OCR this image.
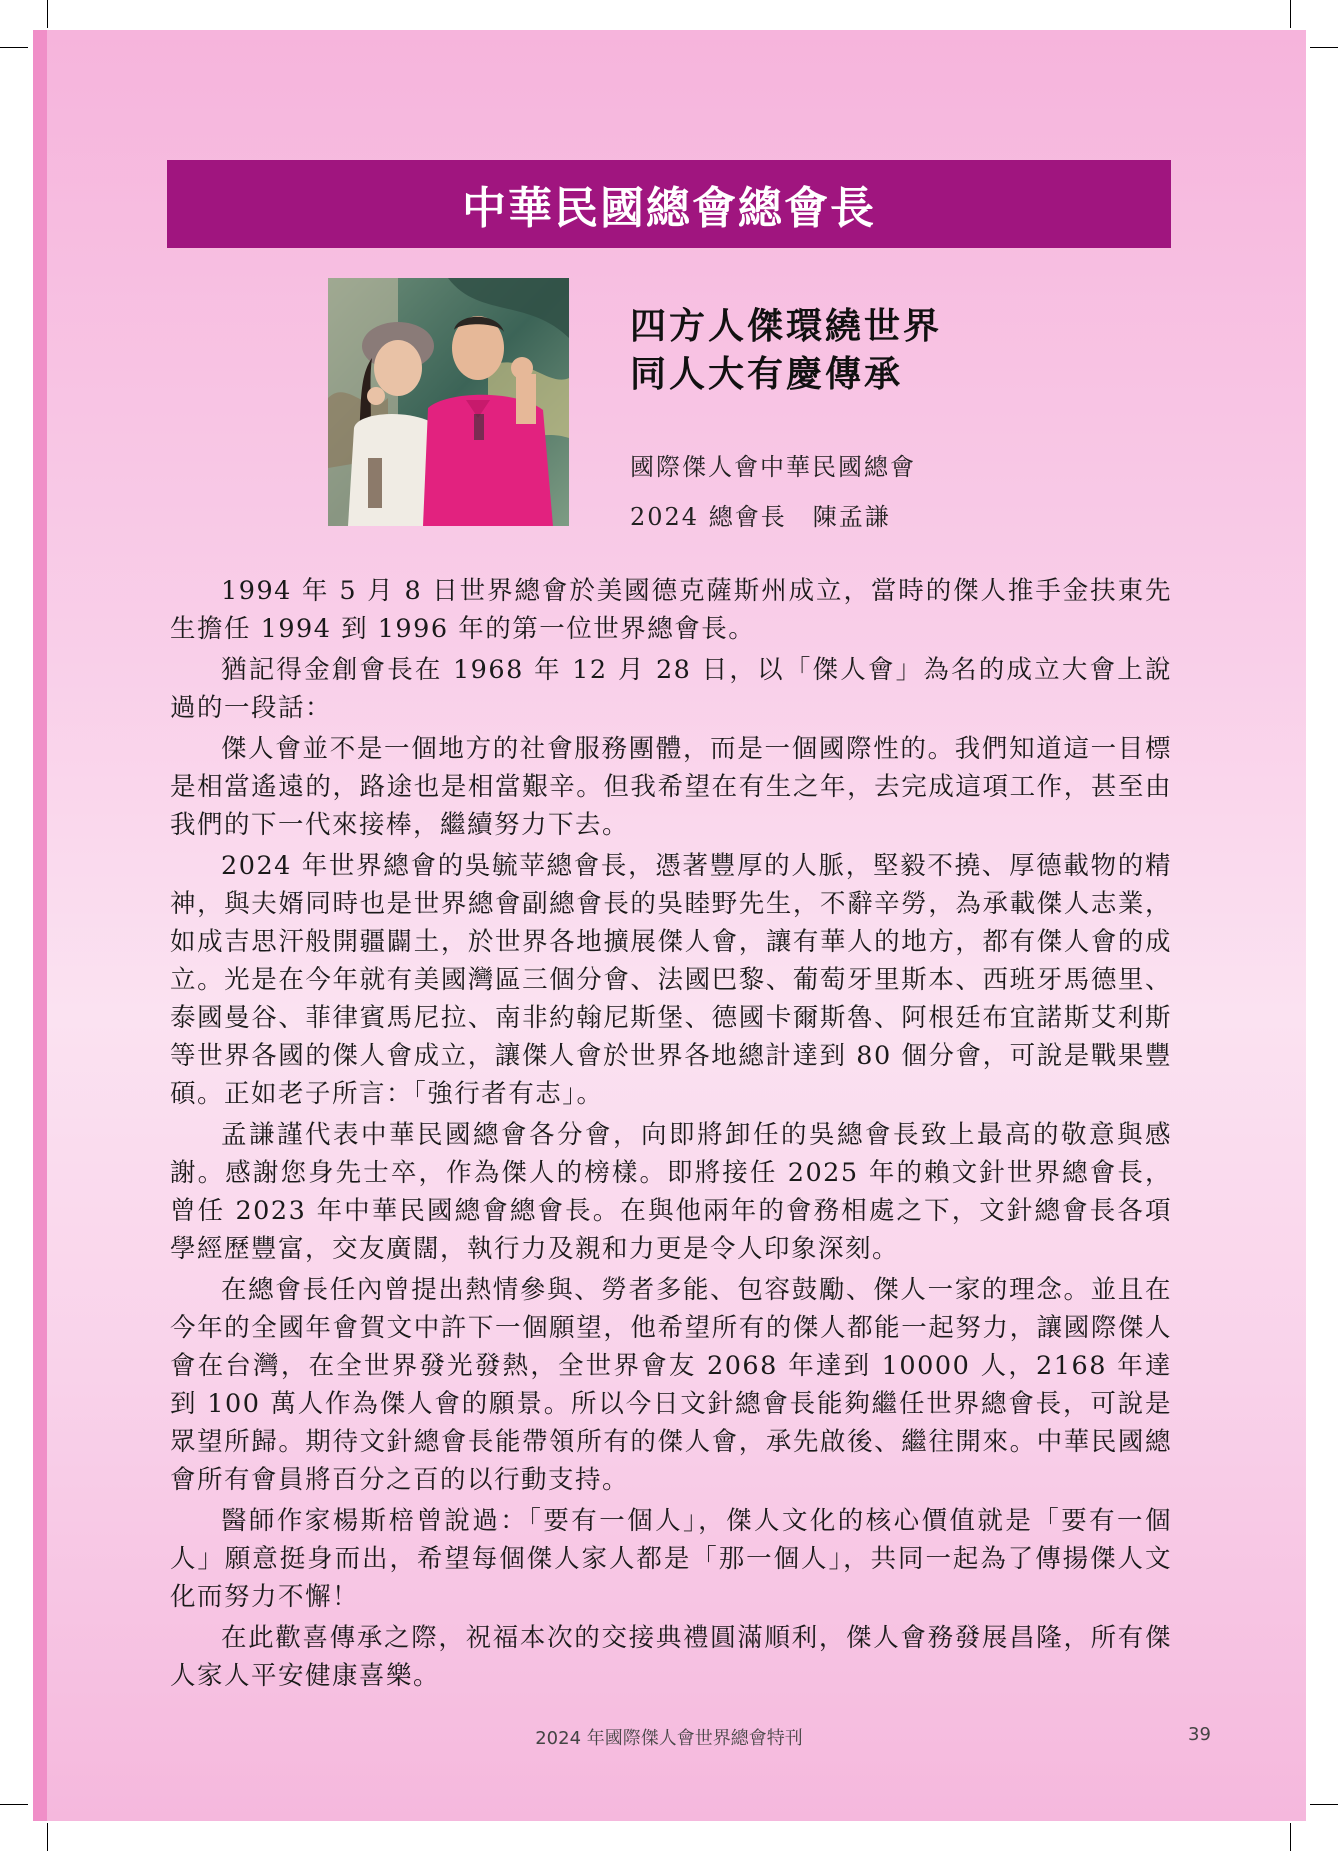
中華民國總會總會長
四方人傑環繞世界
同人大有慶傳承
國際傑人會中華民國總會
2024 總會長　陳孟謙

1994 年 5 月 8 日世界總會於美國德克薩斯州成立，當時的傑人推手金扶東先生擔任 1994 到 1996 年的第一位世界總會長。

猶記得金創會長在 1968 年 12 月 28 日，以「傑人會」為名的成立大會上說過的一段話：

傑人會並不是一個地方的社會服務團體，而是一個國際性的。我們知道這一目標是相當遙遠的，路途也是相當艱辛。但我希望在有生之年，去完成這項工作，甚至由我們的下一代來接棒，繼續努力下去。

2024 年世界總會的吳毓苹總會長，憑著豐厚的人脈，堅毅不撓、厚德載物的精神，與夫婿同時也是世界總會副總會長的吳睦野先生，不辭辛勞，為承載傑人志業，如成吉思汗般開疆闢土，於世界各地擴展傑人會，讓有華人的地方，都有傑人會的成立。光是在今年就有美國灣區三個分會、法國巴黎、葡萄牙里斯本、西班牙馬德里、泰國曼谷、菲律賓馬尼拉、南非約翰尼斯堡、德國卡爾斯魯、阿根廷布宜諾斯艾利斯等世界各國的傑人會成立，讓傑人會於世界各地總計達到 80 個分會，可說是戰果豐碩。正如老子所言：「強行者有志」。

孟謙謹代表中華民國總會各分會，向即將卸任的吳總會長致上最高的敬意與感謝。感謝您身先士卒，作為傑人的榜樣。即將接任 2025 年的賴文針世界總會長，曾任 2023 年中華民國總會總會長。在與他兩年的會務相處之下，文針總會長各項學經歷豐富，交友廣闊，執行力及親和力更是令人印象深刻。

在總會長任內曾提出熱情參與、勞者多能、包容鼓勵、傑人一家的理念。並且在今年的全國年會賀文中許下一個願望，他希望所有的傑人都能一起努力，讓國際傑人會在台灣，在全世界發光發熱，全世界會友 2068 年達到 10000 人，2168 年達到 100 萬人作為傑人會的願景。所以今日文針總會長能夠繼任世界總會長，可說是眾望所歸。期待文針總會長能帶領所有的傑人會，承先啟後、繼往開來。中華民國總會所有會員將百分之百的以行動支持。

醫師作家楊斯棓曾說過：「要有一個人」，傑人文化的核心價值就是「要有一個人」願意挺身而出，希望每個傑人家人都是「那一個人」，共同一起為了傳揚傑人文化而努力不懈！

在此歡喜傳承之際，祝福本次的交接典禮圓滿順利，傑人會務發展昌隆，所有傑人家人平安健康喜樂。

2024 年國際傑人會世界總會特刊	39
